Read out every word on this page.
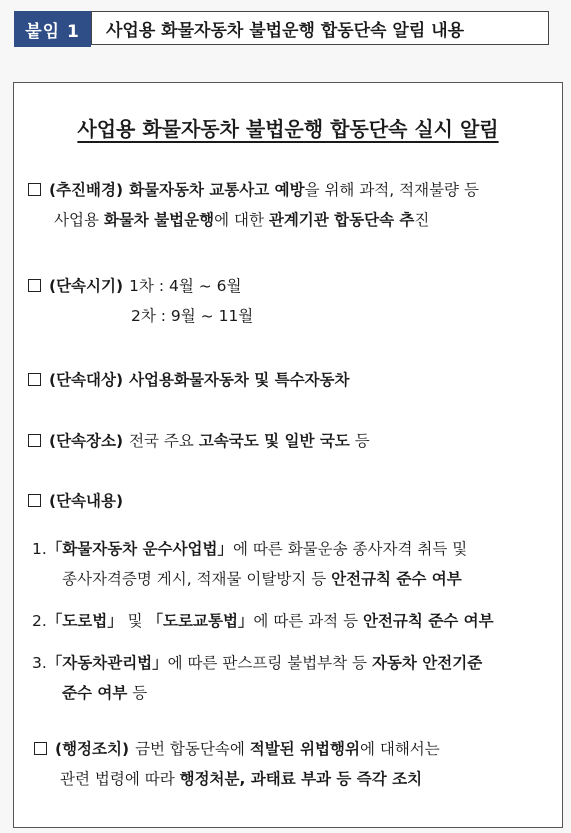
붙임 1	사업용 화물자동차 불법운행 합동단속 알림 내용
사업용 화물자동차 불법운행 합동단속 실시 알림
(추진배경) 화물자동차 교통사고 예방을 위해 과적, 적재불량 등
사업용 화물차 불법운행에 대한 관계기관 합동단속 추진
(단속시기) 1차 : 4월 ~ 6월
2차 : 9월 ~ 11월
(단속대상) 사업용화물자동차 및 특수자동차
(단속장소) 전국 주요 고속국도 및 일반 국도 등
(단속내용)
1.「화물자동차 운수사업법」에 따른 화물운송 종사자격 취득 및
종사자격증명 게시, 적재물 이탈방지 등 안전규칙 준수 여부
2.「도로법」 및 「도로교통법」에 따른 과적 등 안전규칙 준수 여부
3.「자동차관리법」에 따른 판스프링 불법부착 등 자동차 안전기준
준수 여부 등
(행정조치) 금번 합동단속에 적발된 위법행위에 대해서는
관련 법령에 따라 행정처분, 과태료 부과 등 즉각 조치
